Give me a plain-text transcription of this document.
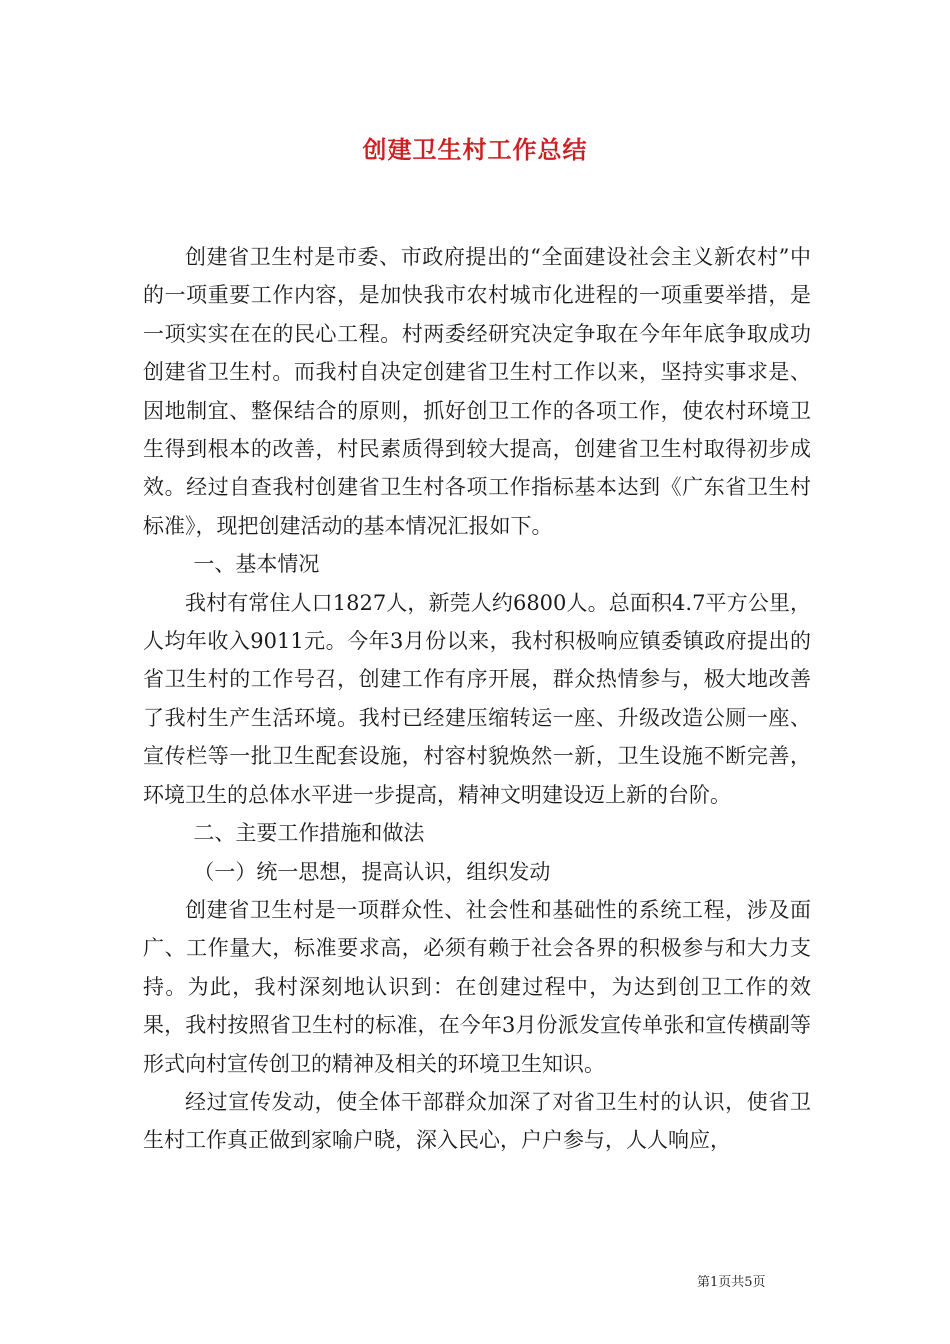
创建卫生村工作总结

创建省卫生村是市委、市政府提出的“全面建设社会主义新农村”中的一项重要工作内容，是加快我市农村城市化进程的一项重要举措，是一项实实在在的民心工程。村两委经研究决定争取在今年年底争取成功创建省卫生村。而我村自决定创建省卫生村工作以来，坚持实事求是、因地制宜、整保结合的原则，抓好创卫工作的各项工作，使农村环境卫生得到根本的改善，村民素质得到较大提高，创建省卫生村取得初步成效。经过自查我村创建省卫生村各项工作指标基本达到《广东省卫生村标准》，现把创建活动的基本情况汇报如下。

一、基本情况

我村有常住人口1827人，新莞人约6800人。总面积4.7平方公里，人均年收入9011元。今年3月份以来，我村积极响应镇委镇政府提出的省卫生村的工作号召，创建工作有序开展，群众热情参与，极大地改善了我村生产生活环境。我村已经建压缩转运一座、升级改造公厕一座、宣传栏等一批卫生配套设施，村容村貌焕然一新，卫生设施不断完善，环境卫生的总体水平进一步提高，精神文明建设迈上新的台阶。

二、主要工作措施和做法

（一）统一思想，提高认识，组织发动

创建省卫生村是一项群众性、社会性和基础性的系统工程，涉及面广、工作量大，标准要求高，必须有赖于社会各界的积极参与和大力支持。为此，我村深刻地认识到：在创建过程中，为达到创卫工作的效果，我村按照省卫生村的标准，在今年3月份派发宣传单张和宣传横副等形式向村宣传创卫的精神及相关的环境卫生知识。

经过宣传发动，使全体干部群众加深了对省卫生村的认识，使省卫生村工作真正做到家喻户晓，深入民心，户户参与，人人响应，

第1页共5页
